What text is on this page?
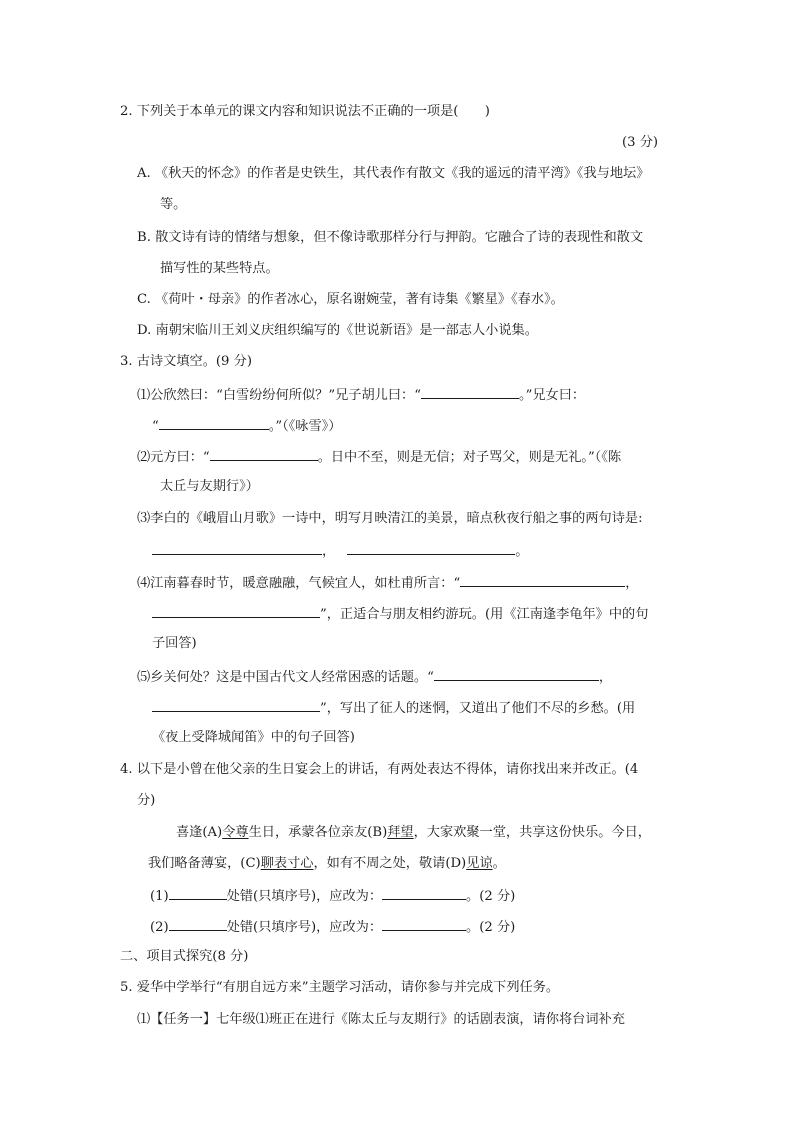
2. 下列关于本单元的课文内容和知识说法不正确的一项是(　　)
(3 分)
A. 《秋天的怀念》的作者是史铁生，其代表作有散文《我的遥远的清平湾》《我与地坛》
等。
B. 散文诗有诗的情绪与想象，但不像诗歌那样分行与押韵。它融合了诗的表现性和散文
描写性的某些特点。
C. 《荷叶・母亲》的作者冰心，原名谢婉莹，著有诗集《繁星》《春水》。
D. 南朝宋临川王刘义庆组织编写的《世说新语》是一部志人小说集。
3. 古诗文填空。(9 分)
⑴公欣然曰：“白雪纷纷何所似？”兄子胡儿曰：“	。”兄女曰：
“	。”（《咏雪》）
⑵元方曰：“	。日中不至，则是无信；对子骂父，则是无礼。”（《陈
太丘与友期行》）
⑶李白的《峨眉山月歌》一诗中，明写月映清江的美景，暗点秋夜行船之事的两句诗是:
，	。
⑷江南暮春时节，暖意融融，气候宜人，如杜甫所言：“	，
”，正适合与朋友相约游玩。(用《江南逢李龟年》中的句
子回答)
⑸乡关何处？这是中国古代文人经常困惑的话题。“	，
”，写出了征人的迷惘，又道出了他们不尽的乡愁。(用
《夜上受降城闻笛》中的句子回答)
4. 以下是小曾在他父亲的生日宴会上的讲话，有两处表达不得体，请你找出来并改正。(4
分)
喜逢(A)令尊生日，承蒙各位亲友(B)拜望，大家欢聚一堂，共享这份快乐。今日，
我们略备薄宴，(C)聊表寸心，如有不周之处，敬请(D)见谅。
(1)	处错(只填序号)，应改为：	。(2 分)
(2)	处错(只填序号)，应改为：	。(2 分)
二、项目式探究(8 分)
5. 爱华中学举行“有朋自远方来”主题学习活动，请你参与并完成下列任务。
⑴【任务一】七年级⑴班正在进行《陈太丘与友期行》的话剧表演，请你将台词补充
